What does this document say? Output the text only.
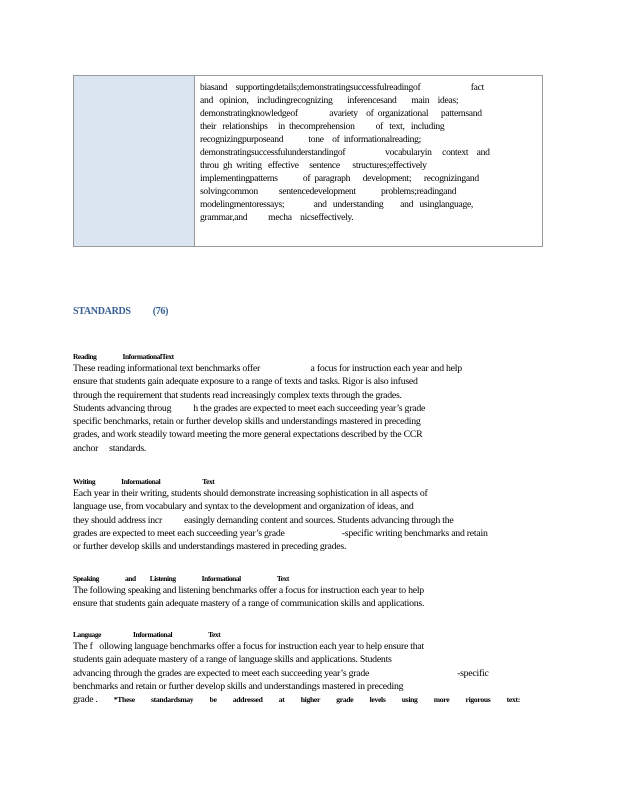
biasand    supportingdetails;demonstratingsuccessfulreadingof                        fact
and   opinion,    includingrecognizing       inferencesand       main    ideas;
demonstratingknowledgeof               avariety    of  organizational      patternsand
their   relationships     in  thecomprehension          of   text,   including
recognizingpurposeand            tone    of  informationalreading;
demonstratingsuccessfulunderstandingof                   vocabularyin     context    and
throu  gh  writing   effective     sentence      structures;effectively
implementingpatterns            of  paragraph      development;      recognizingand
solvingcommon          sentencedevelopment            problems;readingand
modelingmentoressays;              and   understanding        and   usinglanguage,
grammar,and          mecha    nicseffectively.
STANDARDS (76)
Reading	InformationalText
These reading informational text benchmarks offer                       a focus for instruction each year and help
ensure that students gain adequate exposure to a range of texts and tasks. Rigor is also infused
through the requirement that students read increasingly complex texts through the grades.
Students advancing throug          h the grades are expected to meet each succeeding year’s grade
specific benchmarks, retain or further develop skills and understandings mastered in preceding
grades, and work steadily toward meeting the more general expectations described by the CCR
anchor     standards.
Writing	Informational	Text
Each year in their writing, students should demonstrate increasing sophistication in all aspects of
language use, from vocabulary and syntax to the development and organization of ideas, and
they should address incr          easingly demanding content and sources. Students advancing through the
grades are expected to meet each succeeding year’s grade                          -specific writing benchmarks and retain
or further develop skills and understandings mastered in preceding grades.
Speaking	and Listening	Informational	Text
The following speaking and listening benchmarks offer a focus for instruction each year to help
ensure that students gain adequate mastery of a range of communication skills and applications.
Language	Informational	Text
The f   ollowing language benchmarks offer a focus for instruction each year to help ensure that
students gain adequate mastery of a range of language skills and applications. Students
advancing through the grades are expected to meet each succeeding year’s grade                                        -specific
benchmarks and retain or further develop skills and understandings mastered in preceding
grade . *These standardsmay be addressed at higher grade levels using more rigorous text:
